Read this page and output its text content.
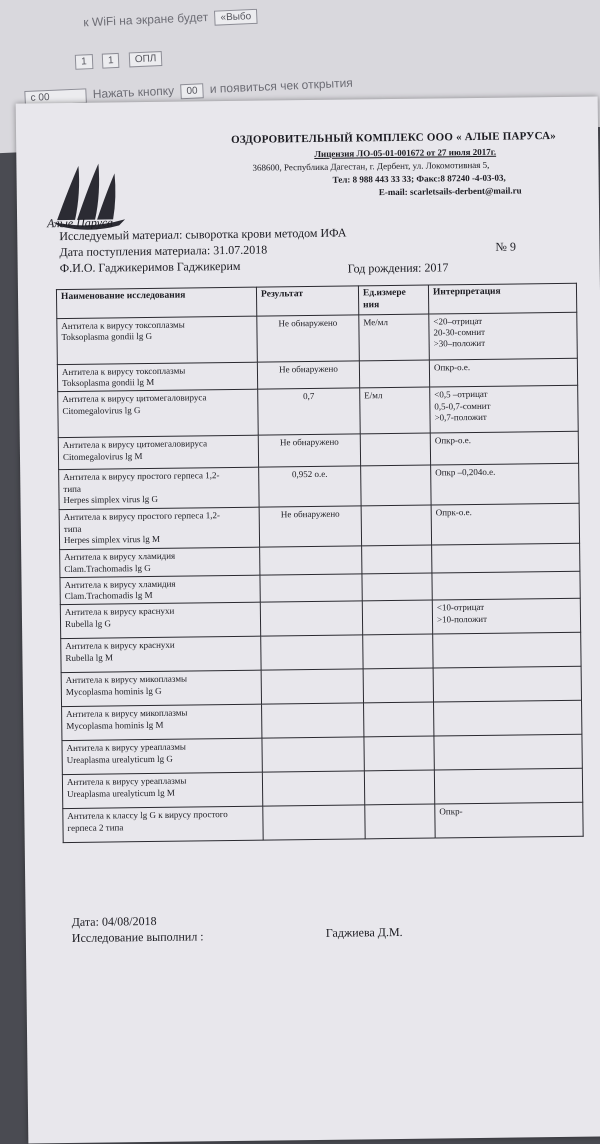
к WiFi на экране будет «Выбо
1 1 ОПЛ
с 00	Нажать кнопку 00 и появиться чек открытия
Алые Паруса
ОЗДОРОВИТЕЛЬНЫЙ КОМПЛЕКС ООО « АЛЫЕ ПАРУСА»
Лицензия ЛО-05-01-001672 от 27 июля 2017г.
368600, Республика Дагестан, г. Дербент, ул. Локомотивная 5,
Тел: 8 988 443 33 33; Факс:8 87240 -4-03-03,
E-mail: scarletsails-derbent@mail.ru
Исследуемый материал: сыворотка крови методом ИФА
Дата поступления материала: 31.07.2018	№ 9
Ф.И.О. Гаджикеримов Гаджикерим	Год рождения: 2017
Наименование исследования	Результат	Ед.измере ния	Интерпретация

Антитела к вирусу токсоплазмы
Toksoplasma gondii lg G	Не обнаружено	Ме/мл	<20–отрицат
20-30-сомнит
>30–положит

Антитела к вирусу токсоплазмы
Toksoplasma gondii lg M	Не обнаружено		Опкр-о.е.

Антитела к вирусу цитомегаловируса
Citomegalovirus lg G	0,7	Е/мл	<0,5 –отрицат
0,5-0,7-сомнит
>0,7-положит

Антитела к вирусу цитомегаловируса
Citomegalovirus lg M	Не обнаружено		Опкр-о.е.

Антитела к вирусу простого герпеса 1,2-
типа
Herpes simplex virus lg G	0,952 о.е.		Опкр –0,204о.е.

Антитела к вирусу простого герпеса 1,2-
типа
Herpes simplex virus lg M	Не обнаружено		Опрк-о.е.

Антитела к вирусу хламидия
Clam.Trachomadis lg G			

Антитела к вирусу хламидия
Clam.Trachomadis lg M			

Антитела к вирусу краснухи
Rubella lg G			<10-отрицат
>10-положит

Антитела к вирусу краснухи
Rubella lg M			

Антитела к вирусу микоплазмы
Mycoplasma hominis lg G			

Антитела к вирусу микоплазмы
Mycoplasma hominis lg M			

Антитела к вирусу уреаплазмы
Ureaplasma urealyticum lg G			

Антитела к вирусу уреаплазмы
Ureaplasma urealyticum lg M			

Антитела к классу lg G к вирусу простого
герпеса 2 типа			Опкр-
Дата: 04/08/2018
Исследование выполнил :	Гаджиева Д.М.
